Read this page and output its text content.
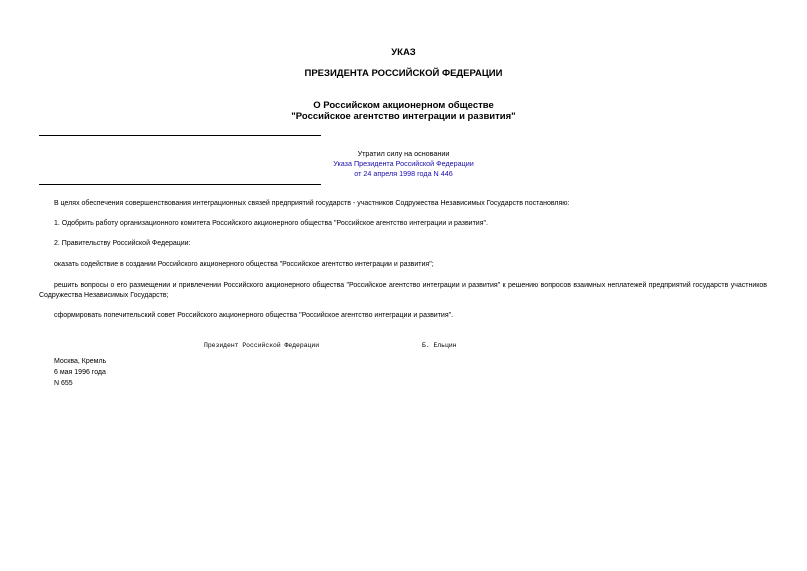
УКАЗ
ПРЕЗИДЕНТА РОССИЙСКОЙ ФЕДЕРАЦИИ
О Российском акционерном обществе
"Российское агентство интеграции и развития"
Утратил силу на основании
Указа Президента Российской Федерации
от 24 апреля 1998 года N 446
В целях обеспечения совершенствования интеграционных связей предприятий государств - участников Содружества Независимых Государств постановляю:
1. Одобрить работу организационного комитета Российского акционерного общества "Российское агентство интеграции и развития".
2. Правительству Российской Федерации:
оказать содействие в создании Российского акционерного общества "Российское агентство интеграции и развития";
решить вопросы о его размещении и привлечении Российского акционерного общества "Российское агентство интеграции и развития" к решению вопросов взаимных неплатежей предприятий государств участников Содружества Независимых Государств;
сформировать попечительский совет Российского акционерного общества "Российское агентство интеграции и развития".
Президент Российской Федерации	Б. Ельцин
Москва, Кремль
6 мая 1996 года
N 655
